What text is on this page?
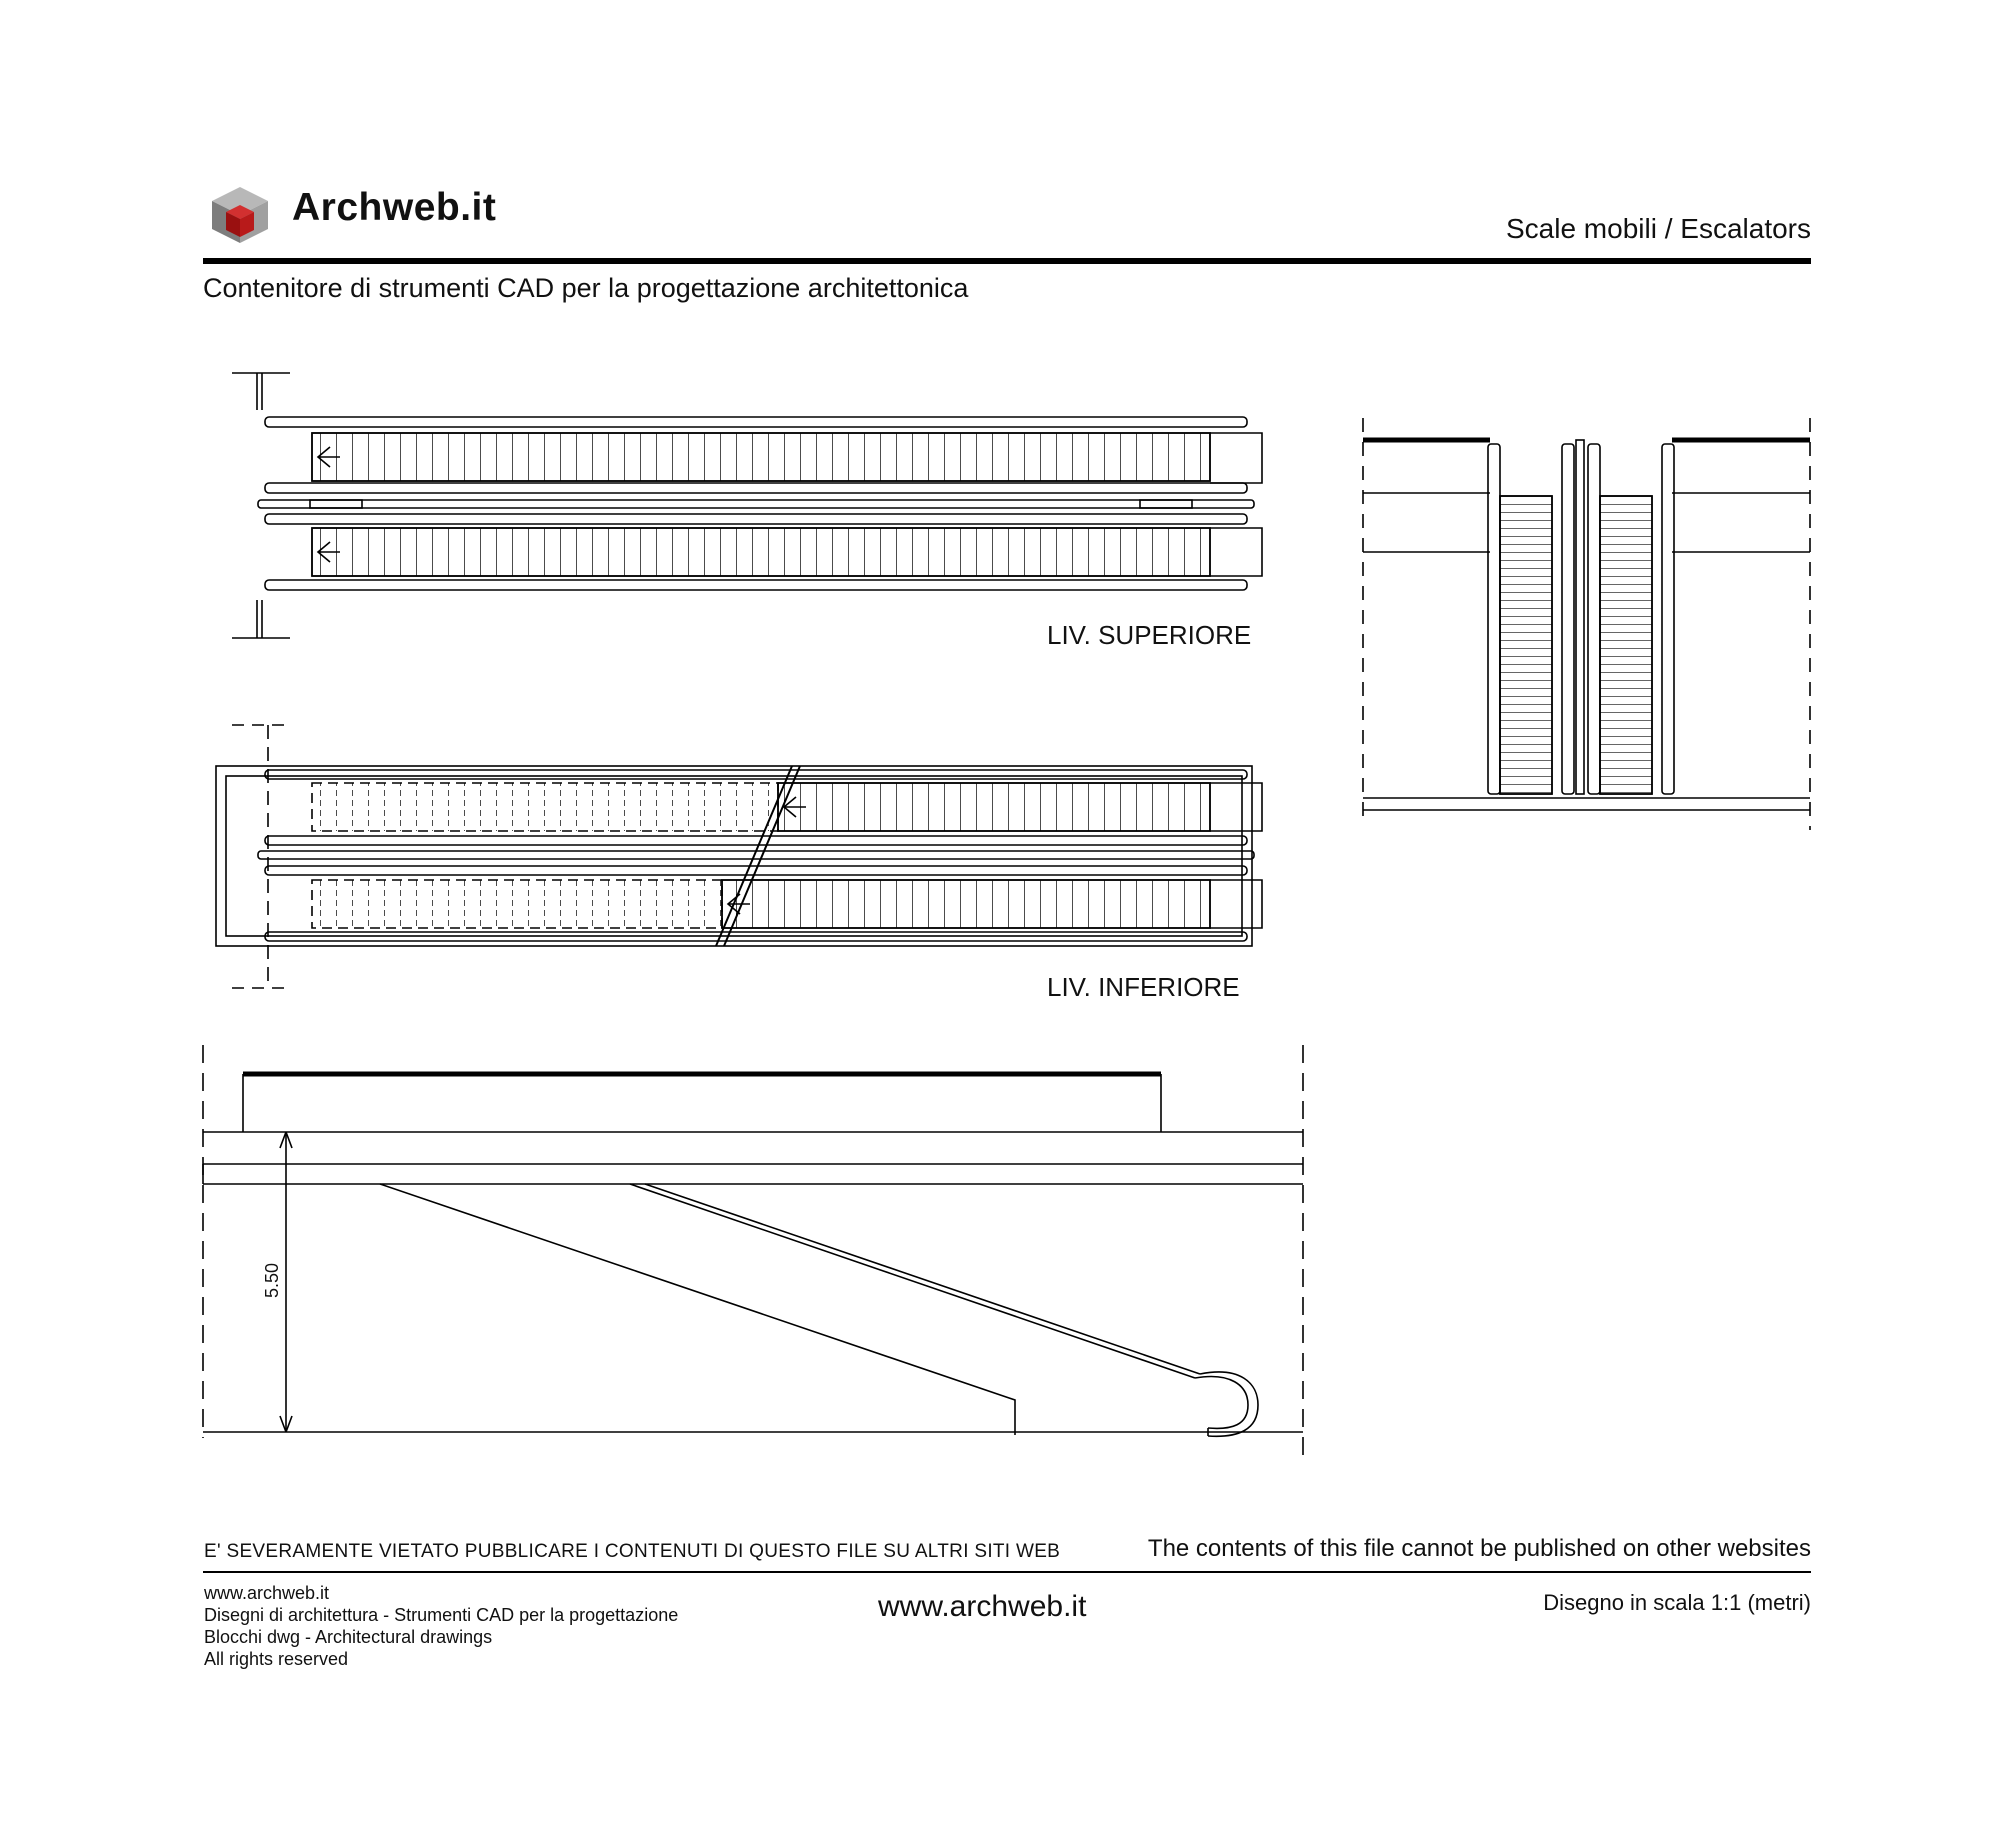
Archweb.it	Scale mobili / Escalators
Contenitore di strumenti CAD per la progettazione architettonica
LIV. SUPERIORE
LIV. INFERIORE
5.50
E' SEVERAMENTE VIETATO PUBBLICARE I CONTENUTI DI QUESTO FILE SU ALTRI SITI WEB	The contents of this file cannot be published on other websites
www.archweb.it
Disegni di architettura - Strumenti CAD per la progettazione
Blocchi dwg - Architectural drawings
All rights reserved
www.archweb.it	Disegno in scala 1:1 (metri)
